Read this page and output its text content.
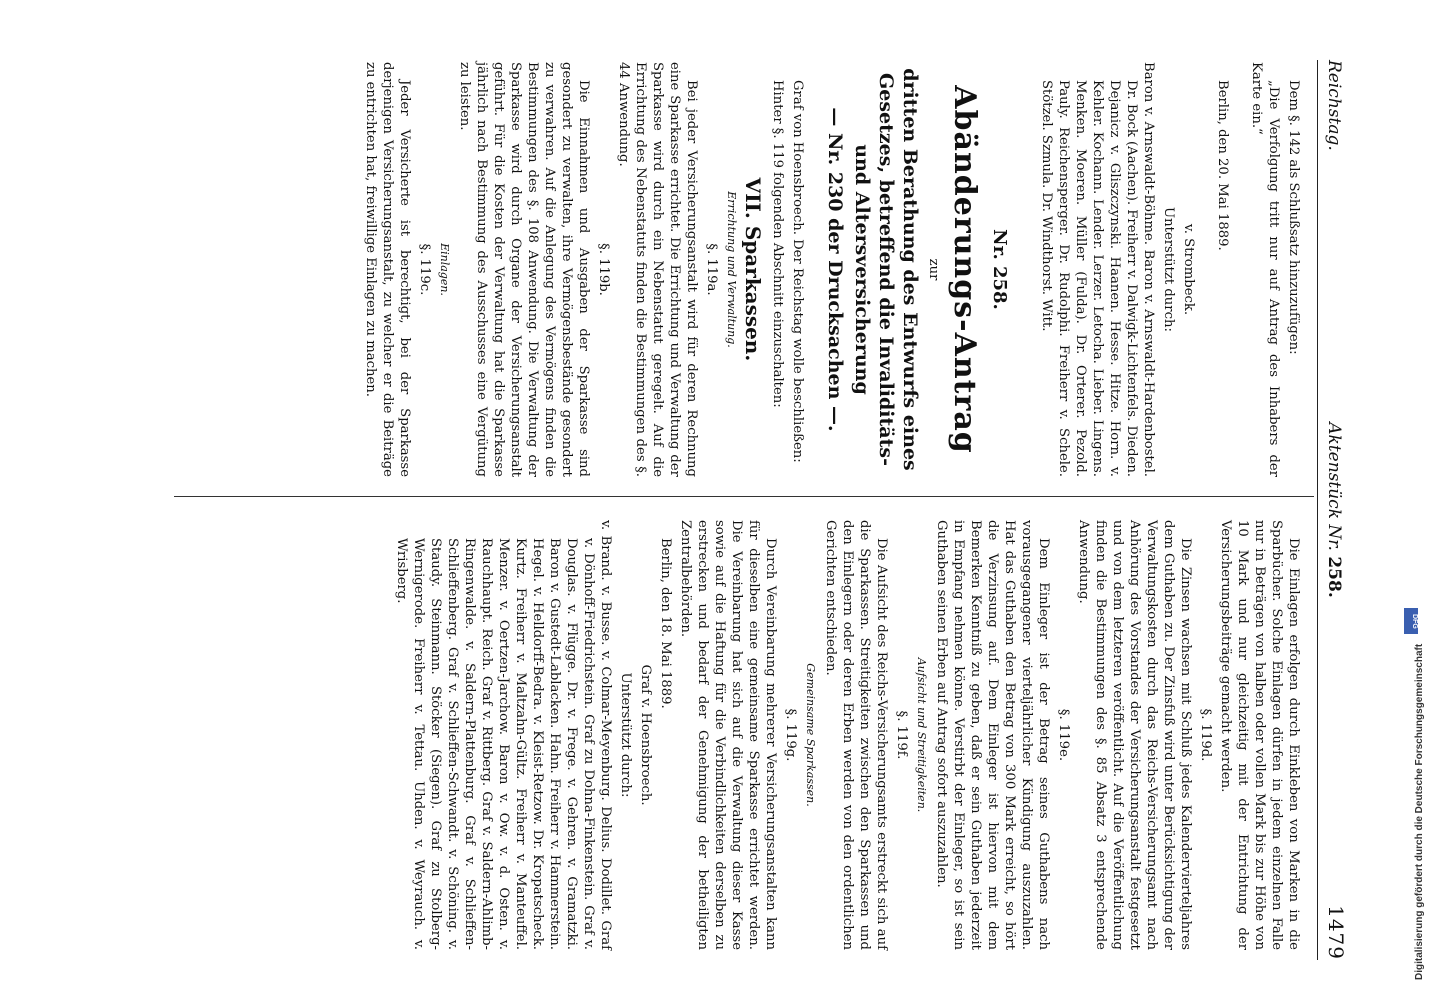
Reichstag.
Aktenstück Nr. 258.
1479

Dem §. 142 als Schlußsatz hinzuzufügen:

„Die Verfolgung tritt nur auf Antrag des Inhabers der Karte ein.“

Berlin, den 20. Mai 1889.

v. Strombeck.

Unterstützt durch:

Baron v. Arnswaldt-Böhme. Baron v. Arnswaldt-Hardenbostel. Dr. Bock (Aachen). Freiherr v. Dalwigk-Lichtenfels. Dieden. Dejanicz v. Gliszczynski. Haanen. Hesse. Hitze. Horn. v. Kehler. Kochann. Lender. Lerzer. Letocha. Lieber. Lingens. Menken. Moeren. Müller (Fulda). Dr. Orterer. Pezold. Pauly. Reichensperger. Dr. Rudolphi. Freiherr v. Schele. Stötzel. Szmula. Dr. Windthorst. Witt.

Nr. 258.

Abänderungs-Antrag

zur

dritten Berathung des Entwurfs eines Gesetzes, betreffend die Invaliditäts- und Altersversicherung

— Nr. 230 der Drucksachen —.

Graf von Hoensbroech. Der Reichstag wolle beschließen:

Hinter §. 119 folgenden Abschnitt einzuschalten:

VII. Sparkassen.

Errichtung und Verwaltung.

§. 119a.

Bei jeder Versicherungsanstalt wird für deren Rechnung eine Sparkasse errichtet. Die Errichtung und Verwaltung der Sparkasse wird durch ein Nebenstatut geregelt. Auf die Errichtung des Nebenstatuts finden die Bestimmungen des §. 44 Anwendung.

§. 119b.

Die Einnahmen und Ausgaben der Sparkasse sind gesondert zu verwalten, ihre Vermögensbestände gesondert zu verwahren. Auf die Anlegung des Vermögens finden die Bestimmungen des §. 108 Anwendung. Die Verwaltung der Sparkasse wird durch Organe der Versicherungsanstalt geführt. Für die Kosten der Verwaltung hat die Sparkasse jährlich nach Bestimmung des Ausschusses eine Vergütung zu leisten.

Einlagen.

§. 119c.

Jeder Versicherte ist berechtigt, bei der Sparkasse derjenigen Versicherungsanstalt, zu welcher er die Beiträge zu entrichten hat, freiwillige Einlagen zu machen.

Die Einlagen erfolgen durch Einkleben von Marken in die Sparbücher. Solche Einlagen dürfen in jedem einzelnen Falle nur in Beträgen von halben oder vollen Mark bis zur Höhe von 10 Mark und nur gleichzeitig mit der Entrichtung der Versicherungsbeiträge gemacht werden.

§. 119d.

Die Zinsen wachsen mit Schluß jedes Kalendervierteljahres dem Guthaben zu. Der Zinsfuß wird unter Berücksichtigung der Verwaltungskosten durch das Reichs-Versicherungsamt nach Anhörung des Vorstandes der Versicherungsanstalt festgesetzt und von dem letzteren veröffentlicht. Auf die Veröffentlichung finden die Bestimmungen des §. 85 Absatz 3 entsprechende Anwendung.

§. 119e.

Dem Einleger ist der Betrag seines Guthabens nach vorausgegangener vierteljährlicher Kündigung auszuzahlen. Hat das Guthaben den Betrag von 300 Mark erreicht, so hört die Verzinsung auf. Dem Einleger ist hiervon mit dem Bemerken Kenntniß zu geben, daß er sein Guthaben jederzeit in Empfang nehmen könne. Verstirbt der Einleger, so ist sein Guthaben seinen Erben auf Antrag sofort auszuzahlen.

Aufsicht und Streitigkeiten.

§. 119f.

Die Aufsicht des Reichs-Versicherungsamts erstreckt sich auf die Sparkassen. Streitigkeiten zwischen den Sparkassen und den Einlegern oder deren Erben werden von den ordentlichen Gerichten entschieden.

Gemeinsame Sparkassen.

§. 119g.

Durch Vereinbarung mehrerer Versicherungsanstalten kann für dieselben eine gemeinsame Sparkasse errichtet werden. Die Vereinbarung hat sich auf die Verwaltung dieser Kasse sowie auf die Haftung für die Verbindlichkeiten derselben zu erstrecken und bedarf der Genehmigung der betheiligten Zentralbehörden.

Berlin, den 18. Mai 1889.

Graf v. Hoensbroech.

Unterstützt durch:

v. Brand. v. Busse. v. Colmar-Meyenburg. Delius. Dodillet. Graf v. Dönhoff-Friedrichstein. Graf zu Dohna-Finkenstein. Graf v. Douglas. v. Flügge. Dr. v. Frege. v. Gehren. v. Gramatzki. Baron v. Gustedt-Lablacken. Hahn. Freiherr v. Hammerstein. Hegel. v. Helldorff-Bedra. v. Kleist-Retzow. Dr. Kropatscheck. Kurtz. Freiherr v. Maltzahn-Gültz. Freiherr v. Manteuffel. Menzer. v. Oertzen-Jarchow. Baron v. Ow. v. d. Osten. v. Rauchhaupt. Reich. Graf v. Rittberg. Graf v. Saldern-Ahlimb-Ringenwalde. v. Saldern-Plattenburg. Graf v. Schlieffen-Schlieffenberg. Graf v. Schlieffen-Schwandt. v. Schöning. v. Staudy. Steinmann. Stöcker (Siegen). Graf zu Stolberg-Wernigerode. Freiherr v. Tettau. Uhden. v. Weyrauch. v. Wrisberg.

DFG
Digitalisierung gefördert durch die Deutsche Forschungsgemeinschaft
